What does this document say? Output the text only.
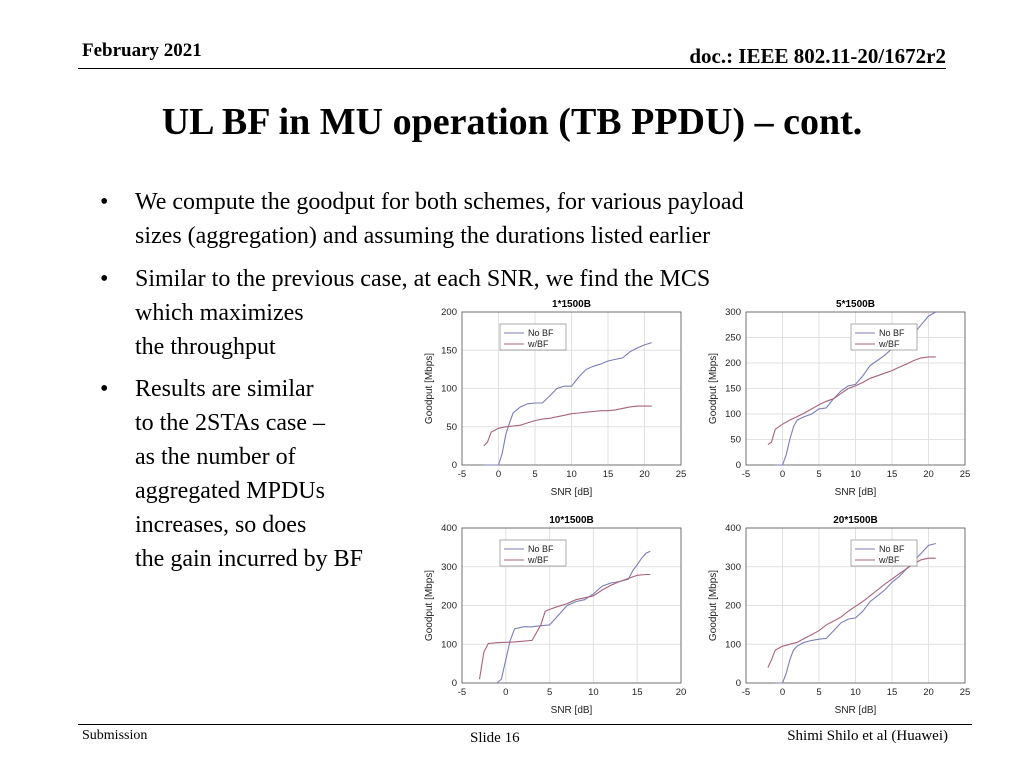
February 2021	doc.: IEEE 802.11-20/1672r2
UL BF in MU operation (TB PPDU) – cont.
• We compute the goodput for both schemes, for various payload
sizes (aggregation) and assuming the durations listed earlier
• Similar to the previous case, at each SNR, we find the MCS
which maximizes
the throughput
• Results are similar
to the 2STAs case –
as the number of
aggregated MPDUs
increases, so does
the gain incurred by BF
1*1500B
-5	0	5	10	15	20	25
0
50
100
150
200
SNR [dB]
Goodput [Mbps]
No BF
w/BF
5*1500B
-5	0	5	10	15	20	25
0
50
100
150
200
250
300
SNR [dB]
Goodput [Mbps]
No BF
w/BF
10*1500B
-5	0	5	10	15	20
0
100
200
300
400
SNR [dB]
Goodput [Mbps]
No BF
w/BF
20*1500B
-5	0	5	10	15	20	25
0
100
200
300
400
SNR [dB]
Goodput [Mbps]
No BF
w/BF
Submission	Slide 16	Shimi Shilo et al (Huawei)
